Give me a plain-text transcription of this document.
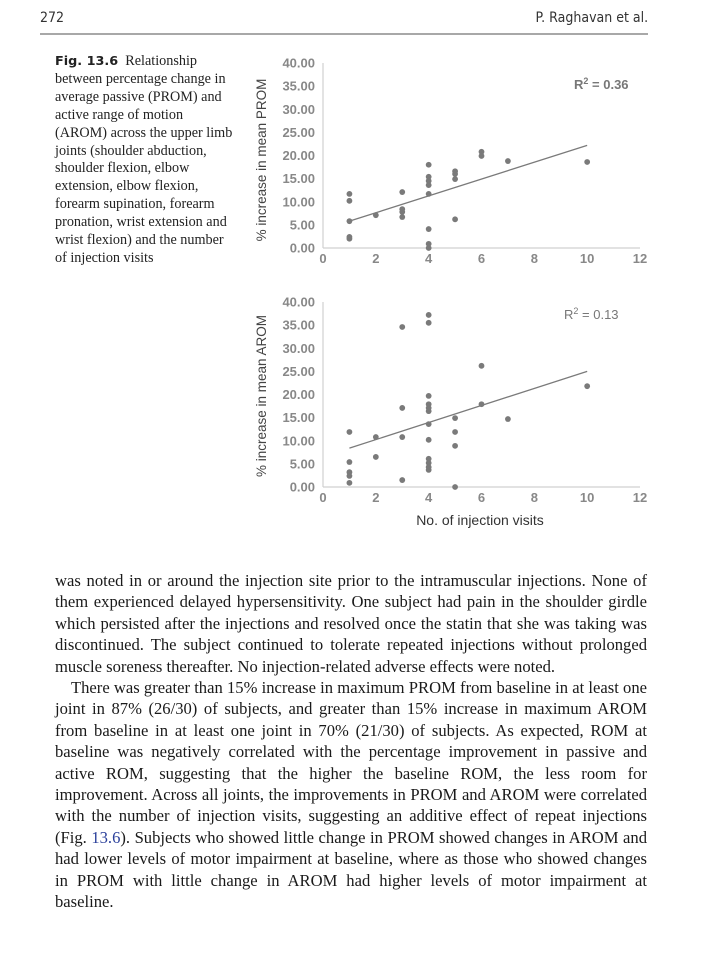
272	P. Raghavan et al.
Fig. 13.6 Relationship between percentage change in average passive (PROM) and active range of motion (AROM) across the upper limb joints (shoulder abduction, shoulder flexion, elbow extension, elbow flexion, forearm supination, forearm pronation, wrist extension and wrist flexion) and the number of injection visits
% increase in mean PROM
0.00
5.00
10.00
15.00
20.00
25.00
30.00
35.00
40.00
0	2	4	6	8	10	12
$R^2 = 0.36$
% increase in mean AROM
0.00
5.00
10.00
15.00
20.00
25.00
30.00
35.00
40.00
0	2	4	6	8	10	12
$R^2 = 0.13$
No. of injection visits

was noted in or around the injection site prior to the intramuscular injections. None of them experienced delayed hypersensitivity. One subject had pain in the shoulder girdle which persisted after the injections and resolved once the statin that she was taking was discontinued. The subject continued to tolerate repeated injections without prolonged muscle soreness thereafter. No injection-related adverse effects were noted.

There was greater than 15% increase in maximum PROM from baseline in at least one joint in 87% (26/30) of subjects, and greater than 15% increase in maximum AROM from baseline in at least one joint in 70% (21/30) of subjects. As expected, ROM at baseline was negatively correlated with the percentage improvement in passive and active ROM, suggesting that the higher the baseline ROM, the less room for improvement. Across all joints, the improvements in PROM and AROM were correlated with the number of injection visits, suggesting an additive effect of repeat injections (Fig. 13.6). Subjects who showed little change in PROM showed changes in AROM and had lower levels of motor impairment at baseline, where as those who showed changes in PROM with little change in AROM had higher levels of motor impairment at baseline.
